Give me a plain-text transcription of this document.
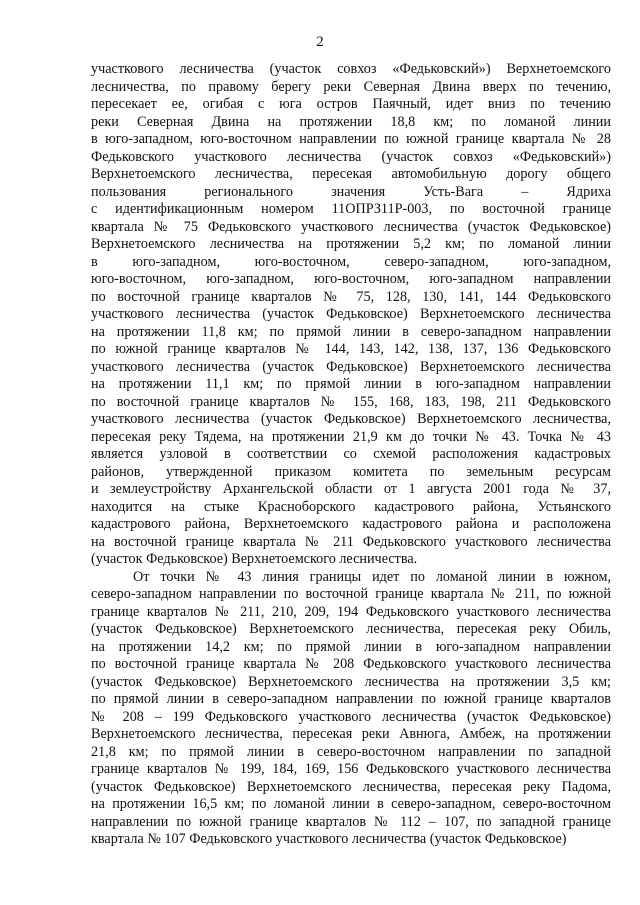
2
участкового лесничества (участок совхоз «Федьковский») Верхнетоемского
лесничества, по правому берегу реки Северная Двина вверх по течению,
пересекает ее, огибая с юга остров Паячный, идет вниз по течению
реки Северная Двина на протяжении 18,8 км; по ломаной линии
в юго-западном, юго-восточном направлении по южной границе квартала № 28
Федьковского участкового лесничества (участок совхоз «Федьковский»)
Верхнетоемского лесничества, пересекая автомобильную дорогу общего
пользования регионального значения Усть-Вага – Ядриха
с идентификационным номером 11ОПРЗ11Р-003, по восточной границе
квартала № 75 Федьковского участкового лесничества (участок Федьковское)
Верхнетоемского лесничества на протяжении 5,2 км; по ломаной линии
в юго-западном, юго-восточном, северо-западном, юго-западном,
юго-восточном, юго-западном, юго-восточном, юго-западном направлении
по восточной границе кварталов № 75, 128, 130, 141, 144 Федьковского
участкового лесничества (участок Федьковское) Верхнетоемского лесничества
на протяжении 11,8 км; по прямой линии в северо-западном направлении
по южной границе кварталов № 144, 143, 142, 138, 137, 136 Федьковского
участкового лесничества (участок Федьковское) Верхнетоемского лесничества
на протяжении 11,1 км; по прямой линии в юго-западном направлении
по восточной границе кварталов № 155, 168, 183, 198, 211 Федьковского
участкового лесничества (участок Федьковское) Верхнетоемского лесничества,
пересекая реку Тядема, на протяжении 21,9 км до точки № 43. Точка № 43
является узловой в соответствии со схемой расположения кадастровых
районов, утвержденной приказом комитета по земельным ресурсам
и землеустройству Архангельской области от 1 августа 2001 года № 37,
находится на стыке Красноборского кадастрового района, Устьянского
кадастрового района, Верхнетоемского кадастрового района и расположена
на восточной границе квартала № 211 Федьковского участкового лесничества
(участок Федьковское) Верхнетоемского лесничества.
От точки № 43 линия границы идет по ломаной линии в южном,
северо-западном направлении по восточной границе квартала № 211, по южной
границе кварталов № 211, 210, 209, 194 Федьковского участкового лесничества
(участок Федьковское) Верхнетоемского лесничества, пересекая реку Обиль,
на протяжении 14,2 км; по прямой линии в юго-западном направлении
по восточной границе квартала № 208 Федьковского участкового лесничества
(участок Федьковское) Верхнетоемского лесничества на протяжении 3,5 км;
по прямой линии в северо-западном направлении по южной границе кварталов
№ 208 – 199 Федьковского участкового лесничества (участок Федьковское)
Верхнетоемского лесничества, пересекая реки Авнюга, Амбеж, на протяжении
21,8 км; по прямой линии в северо-восточном направлении по западной
границе кварталов № 199, 184, 169, 156 Федьковского участкового лесничества
(участок Федьковское) Верхнетоемского лесничества, пересекая реку Падома,
на протяжении 16,5 км; по ломаной линии в северо-западном, северо-восточном
направлении по южной границе кварталов № 112 – 107, по западной границе
квартала № 107 Федьковского участкового лесничества (участок Федьковское)
